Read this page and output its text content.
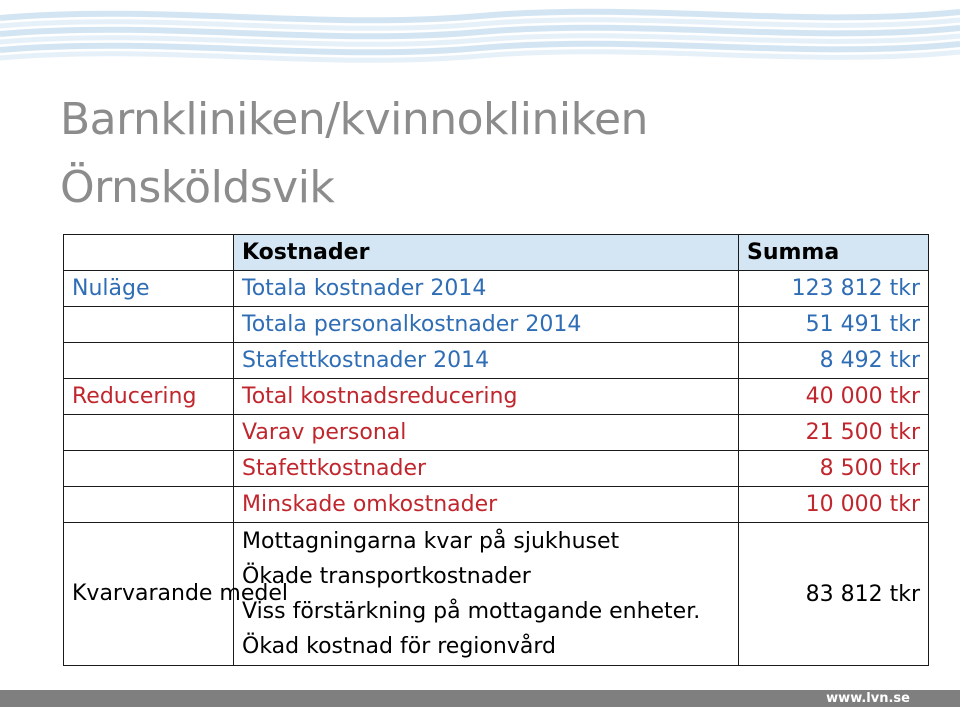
Barnkliniken/kvinnokliniken
Örnsköldsvik
	Kostnader	Summa
Nuläge	Totala kostnader 2014	123 812 tkr
	Totala personalkostnader 2014	51 491 tkr
	Stafettkostnader 2014	8 492 tkr
Reducering	Total kostnadsreducering	40 000 tkr
	Varav personal	21 500 tkr
	Stafettkostnader	8 500 tkr
	Minskade omkostnader	10 000 tkr
Kvarvarande medel	Mottagningarna kvar på sjukhuset
Ökade transportkostnader
Viss förstärkning på mottagande enheter.
Ökad kostnad för regionvård	83 812 tkr
www.lvn.se
